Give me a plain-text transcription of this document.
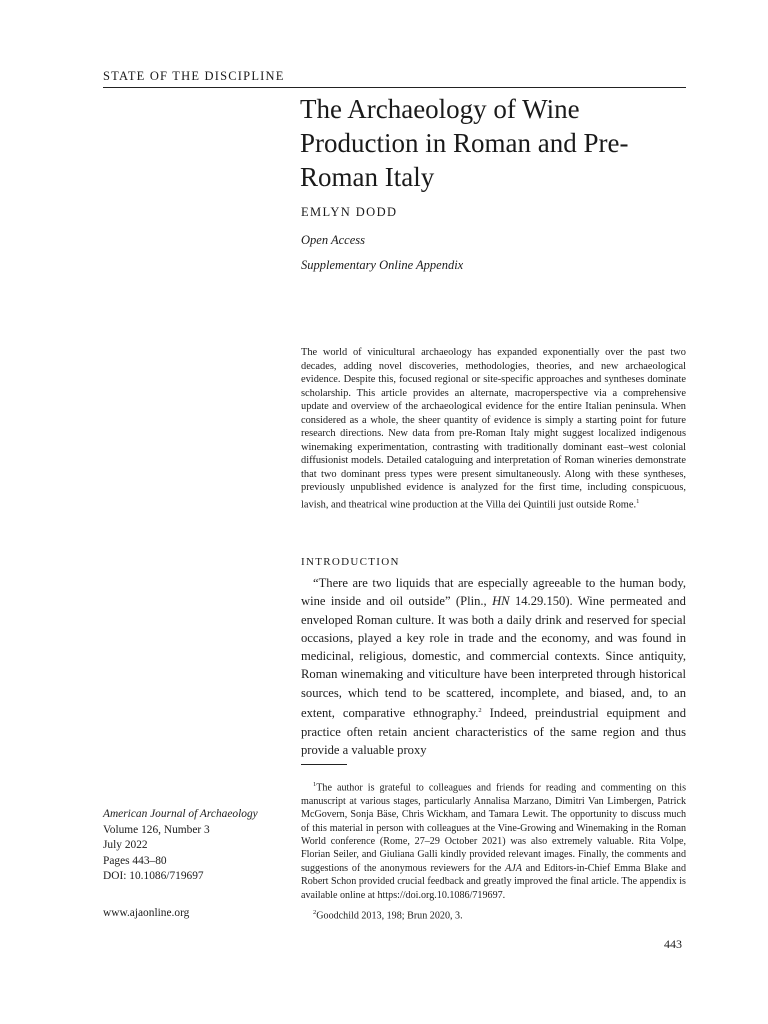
STATE OF THE DISCIPLINE
The Archaeology of Wine Production in Roman and Pre-Roman Italy
EMLYN DODD
Open Access
Supplementary Online Appendix

The world of vinicultural archaeology has expanded exponentially over the past two decades, adding novel discoveries, methodologies, theories, and new archaeological evidence. Despite this, focused regional or site-specific approaches and syntheses dominate scholarship. This article provides an alternate, macroperspective via a comprehensive update and overview of the archaeological evidence for the entire Italian peninsula. When considered as a whole, the sheer quantity of evidence is simply a starting point for future research directions. New data from pre-Roman Italy might suggest localized indigenous winemaking experimentation, contrasting with traditionally dominant east–west colonial diffusionist models. Detailed cataloguing and interpretation of Roman wineries demonstrate that two dominant press types were present simultaneously. Along with these syntheses, previously unpublished evidence is analyzed for the first time, including conspicuous, lavish, and theatrical wine production at the Villa dei Quintili just outside Rome.$^1$

INTRODUCTION

“There are two liquids that are especially agreeable to the human body, wine inside and oil outside” (Plin., HN 14.29.150). Wine permeated and enveloped Roman culture. It was both a daily drink and reserved for special occasions, played a key role in trade and the economy, and was found in medicinal, religious, domestic, and commercial contexts. Since antiquity, Roman winemaking and viticulture have been interpreted through historical sources, which tend to be scattered, incomplete, and biased, and, to an extent, comparative ethnography.$^2$ Indeed, preindustrial equipment and practice often retain ancient characteristics of the same region and thus provide a valuable proxy

$^1$The author is grateful to colleagues and friends for reading and commenting on this manuscript at various stages, particularly Annalisa Marzano, Dimitri Van Limbergen, Patrick McGovern, Sonja Bäse, Chris Wickham, and Tamara Lewit. The opportunity to discuss much of this material in person with colleagues at the Vine-Growing and Winemaking in the Roman World conference (Rome, 27–29 October 2021) was also extremely valuable. Rita Volpe, Florian Seiler, and Giuliana Galli kindly provided relevant images. Finally, the comments and suggestions of the anonymous reviewers for the AJA and Editors-in-Chief Emma Blake and Robert Schon provided crucial feedback and greatly improved the final article. The appendix is available online at https://doi.org.10.1086/719697.

$^2$Goodchild 2013, 198; Brun 2020, 3.

American Journal of Archaeology
Volume 126, Number 3
July 2022
Pages 443–80
DOI: 10.1086/719697
www.ajaonline.org
443
